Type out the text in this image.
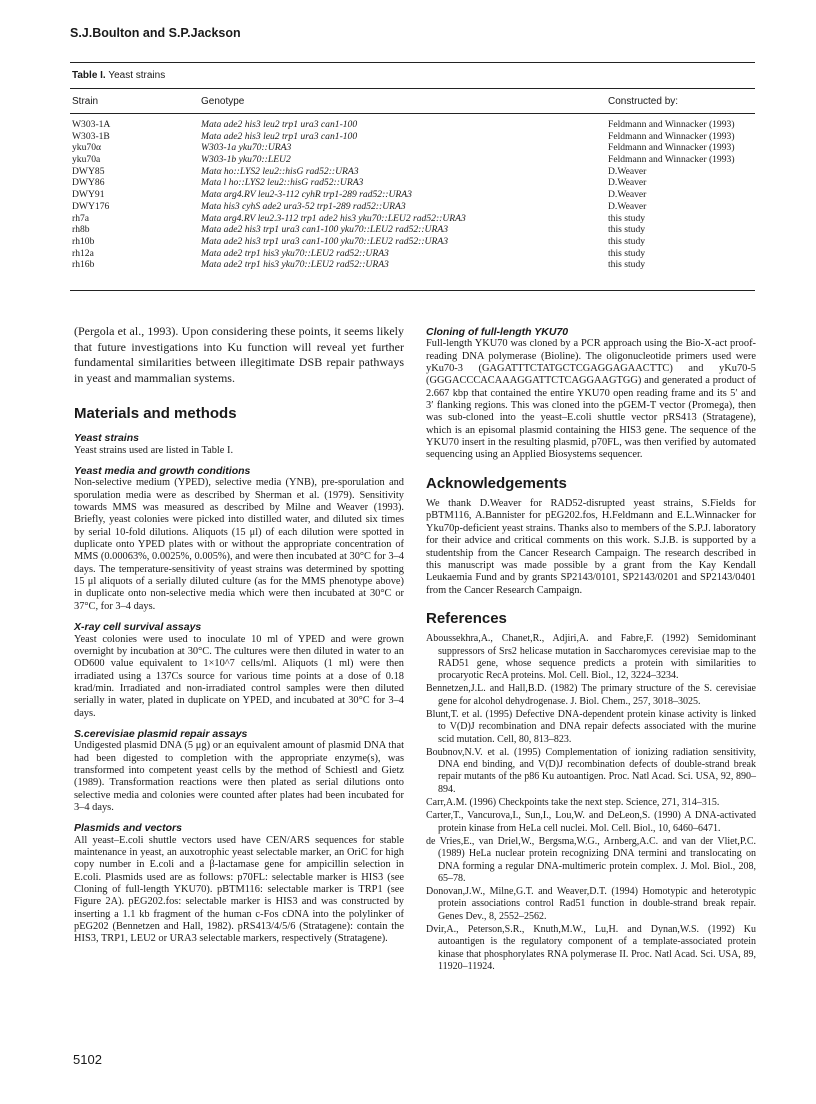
S.J.Boulton and S.P.Jackson
Table I. Yeast strains
Strain	Genotype	Constructed by:
W303-1A	Mata ade2 his3 leu2 trp1 ura3 can1-100	Feldmann and Winnacker (1993)
W303-1B	Mata ade2 his3 leu2 trp1 ura3 can1-100	Feldmann and Winnacker (1993)
yku70α	W303-1a yku70::URA3	Feldmann and Winnacker (1993)
yku70a	W303-1b yku70::LEU2	Feldmann and Winnacker (1993)
DWY85	Matα ho::LYS2 leu2::hisG rad52::URA3	D.Weaver
DWY86	Mata l ho::LYS2 leu2::hisG rad52::URA3	D.Weaver
DWY91	Matα arg4.RV leu2-3-112 cyhR trp1-289 rad52::URA3	D.Weaver
DWY176	Mata his3 cyhS ade2 ura3-52 trp1-289 rad52::URA3	D.Weaver
rh7a	Mata arg4.RV leu2.3-112 trp1 ade2 his3 yku70::LEU2 rad52::URA3	this study
rh8b	Mata ade2 his3 trp1 ura3 can1-100 yku70::LEU2 rad52::URA3	this study
rh10b	Mata ade2 his3 trp1 ura3 can1-100 yku70::LEU2 rad52::URA3	this study
rh12a	Mata ade2 trp1 his3 yku70::LEU2 rad52::URA3	this study
rh16b	Mata ade2 trp1 his3 yku70::LEU2 rad52::URA3	this study

(Pergola et al., 1993). Upon considering these points, it seems likely that future investigations into Ku function will reveal yet further fundamental similarities between illegitimate DSB repair pathways in yeast and mammalian systems.

Materials and methods
Yeast strains

Yeast strains used are listed in Table I.

Yeast media and growth conditions

Non-selective medium (YPED), selective media (YNB), pre-sporulation and sporulation media were as described by Sherman et al. (1979). Sensitivity towards MMS was measured as described by Milne and Weaver (1993). Briefly, yeast colonies were picked into distilled water, and diluted six times by serial 10-fold dilutions. Aliquots (15 μl) of each dilution were spotted in duplicate onto YPED plates with or without the appropriate concentration of MMS (0.00063%, 0.0025%, 0.005%), and were then incubated at 30°C for 3–4 days. The temperature-sensitivity of yeast strains was determined by spotting 15 μl aliquots of a serially diluted culture (as for the MMS phenotype above) in duplicate onto non-selective media which were then incubated at 30°C or 37°C, for 3–4 days.

X-ray cell survival assays

Yeast colonies were used to inoculate 10 ml of YPED and were grown overnight by incubation at 30°C. The cultures were then diluted in water to an OD600 value equivalent to 1×10^7 cells/ml. Aliquots (1 ml) were then irradiated using a 137Cs source for various time points at a dose of 0.18 krad/min. Irradiated and non-irradiated control samples were then diluted serially in water, plated in duplicate on YPED, and incubated at 30°C for 3–4 days.

S.cerevisiae plasmid repair assays

Undigested plasmid DNA (5 μg) or an equivalent amount of plasmid DNA that had been digested to completion with the appropriate enzyme(s), was transformed into competent yeast cells by the method of Schiestl and Gietz (1989). Transformation reactions were then plated as serial dilutions onto selective media and colonies were counted after plates had been incubated for 3–4 days.

Plasmids and vectors

All yeast–E.coli shuttle vectors used have CEN/ARS sequences for stable maintenance in yeast, an auxotrophic yeast selectable marker, an OriC for high copy number in E.coli and a β-lactamase gene for ampicillin selection in E.coli. Plasmids used are as follows: p70FL: selectable marker is HIS3 (see Cloning of full-length YKU70). pBTM116: selectable marker is TRP1 (see Figure 2A). pEG202.fos: selectable marker is HIS3 and was constructed by inserting a 1.1 kb fragment of the human c-Fos cDNA into the polylinker of pEG202 (Bennetzen and Hall, 1982). pRS413/4/5/6 (Stratagene): contain the HIS3, TRP1, LEU2 or URA3 selectable markers, respectively (Stratagene).

Cloning of full-length YKU70

Full-length YKU70 was cloned by a PCR approach using the Bio-X-act proof-reading DNA polymerase (Bioline). The oligonucleotide primers used were yKu70-3 (GAGATTTCTATGCTCGAGGAGAACTTC) and yKu70-5 (GGGACCCACAAAGGATTCTCAGGAAGTGG) and generated a product of 2.667 kbp that contained the entire YKU70 open reading frame and its 5′ and 3′ flanking regions. This was cloned into the pGEM-T vector (Promega), then was sub-cloned into the yeast–E.coli shuttle vector pRS413 (Stratagene), which is an episomal plasmid containing the HIS3 gene. The sequence of the YKU70 insert in the resulting plasmid, p70FL, was then verified by automated sequencing using an Applied Biosystems sequencer.

Acknowledgements

We thank D.Weaver for RAD52-disrupted yeast strains, S.Fields for pBTM116, A.Bannister for pEG202.fos, H.Feldmann and E.L.Winnacker for Yku70p-deficient yeast strains. Thanks also to members of the S.P.J. laboratory for their advice and critical comments on this work. S.J.B. is supported by a studentship from the Cancer Research Campaign. The research described in this manuscript was made possible by a grant from the Kay Kendall Leukaemia Fund and by grants SP2143/0101, SP2143/0201 and SP2143/0401 from the Cancer Research Campaign.

References

Aboussekhra,A., Chanet,R., Adjiri,A. and Fabre,F. (1992) Semidominant suppressors of Srs2 helicase mutation in Saccharomyces cerevisiae map to the RAD51 gene, whose sequence predicts a protein with similarities to procaryotic RecA proteins. Mol. Cell. Biol., 12, 3224–3234.

Bennetzen,J.L. and Hall,B.D. (1982) The primary structure of the S. cerevisiae gene for alcohol dehydrogenase. J. Biol. Chem., 257, 3018–3025.

Blunt,T. et al. (1995) Defective DNA-dependent protein kinase activity is linked to V(D)J recombination and DNA repair defects associated with the murine scid mutation. Cell, 80, 813–823.

Boubnov,N.V. et al. (1995) Complementation of ionizing radiation sensitivity, DNA end binding, and V(D)J recombination defects of double-strand break repair mutants of the p86 Ku autoantigen. Proc. Natl Acad. Sci. USA, 92, 890–894.

Carr,A.M. (1996) Checkpoints take the next step. Science, 271, 314–315.

Carter,T., Vancurova,I., Sun,I., Lou,W. and DeLeon,S. (1990) A DNA-activated protein kinase from HeLa cell nuclei. Mol. Cell. Biol., 10, 6460–6471.

de Vries,E., van Driel,W., Bergsma,W.G., Arnberg,A.C. and van der Vliet,P.C. (1989) HeLa nuclear protein recognizing DNA termini and translocating on DNA forming a regular DNA-multimeric protein complex. J. Mol. Biol., 208, 65–78.

Donovan,J.W., Milne,G.T. and Weaver,D.T. (1994) Homotypic and heterotypic protein associations control Rad51 function in double-strand break repair. Genes Dev., 8, 2552–2562.

Dvir,A., Peterson,S.R., Knuth,M.W., Lu,H. and Dynan,W.S. (1992) Ku autoantigen is the regulatory component of a template-associated protein kinase that phosphorylates RNA polymerase II. Proc. Natl Acad. Sci. USA, 89, 11920–11924.

5102
